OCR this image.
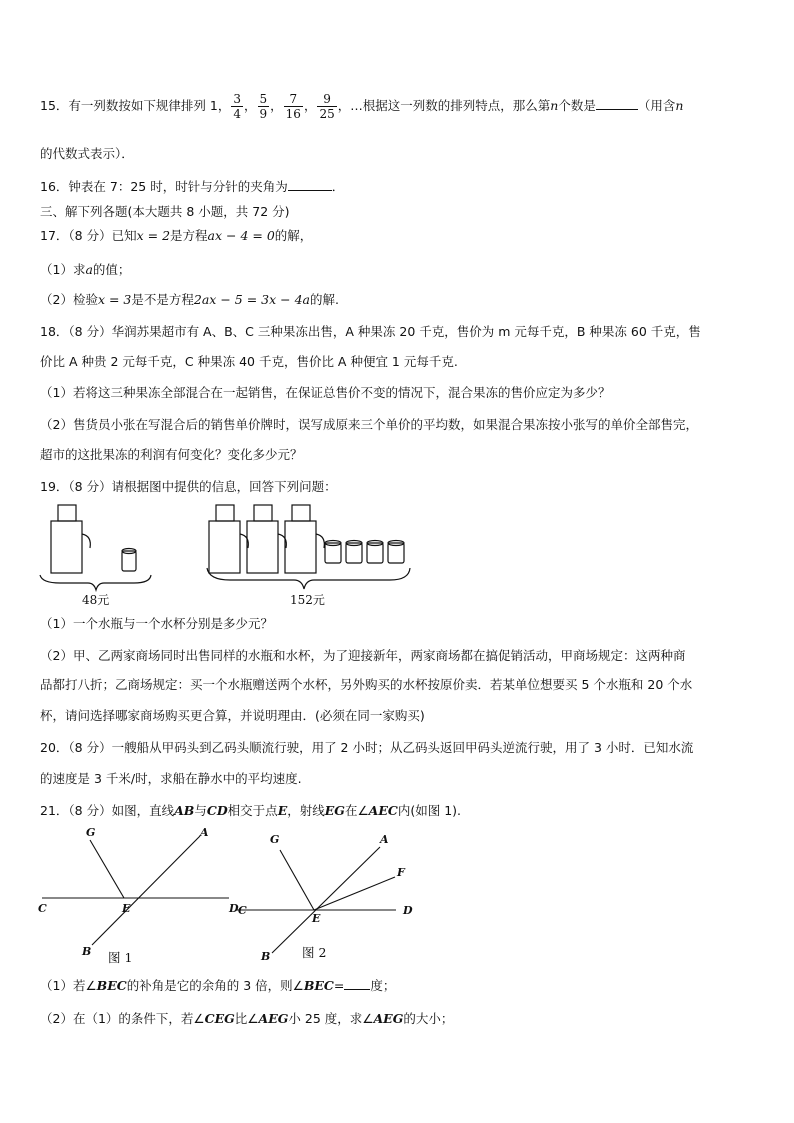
15．有一列数按如下规律排列 1， $\frac{3}{4}$ ， $\frac{5}{9}$ ， $\frac{7}{16}$ ， $\frac{9}{25}$ ，…根据这一列数的排列特点，那么第n个数是	（用含n
的代数式表示）．
16．钟表在 7：25 时，时针与分针的夹角为	．
三、解下列各题(本大题共 8 小题，共 72 分)
17．（8 分）已知x = 2是方程ax − 4 = 0的解，
（1）求a的值；
（2）检验x = 3是不是方程2ax − 5 = 3x − 4a的解.
18．（8 分）华润苏果超市有 A、B、C 三种果冻出售，A 种果冻 20 千克，售价为 m 元每千克，B 种果冻 60 千克，售
价比 A 种贵 2 元每千克，C 种果冻 40 千克，售价比 A 种便宜 1 元每千克.
（1）若将这三种果冻全部混合在一起销售，在保证总售价不变的情况下，混合果冻的售价应定为多少？
（2）售货员小张在写混合后的销售单价牌时，误写成原来三个单价的平均数，如果混合果冻按小张写的单价全部售完，
超市的这批果冻的利润有何变化？变化多少元？
19．（8 分）请根据图中提供的信息，回答下列问题：
48元	152元
（1）一个水瓶与一个水杯分别是多少元？
（2）甲、乙两家商场同时出售同样的水瓶和水杯，为了迎接新年，两家商场都在搞促销活动，甲商场规定：这两种商
品都打八折；乙商场规定：买一个水瓶赠送两个水杯，另外购买的水杯按原价卖．若某单位想要买 5 个水瓶和 20 个水
杯，请问选择哪家商场购买更合算，并说明理由．(必须在同一家购买)
20．（8 分）一艘船从甲码头到乙码头顺流行驶，用了 2 小时；从乙码头返回甲码头逆流行驶，用了 3 小时．已知水流
的速度是 3 千米/时，求船在静水中的平均速度.
21．（8 分）如图，直线AB与CD相交于点E，射线EG在∠AEC内(如图 1).
G	A
C	E	D
B
G	A
F
C
E
D
B
图 1	图 2
（1）若∠BEC的补角是它的余角的 3 倍，则∠BEC= 度；
（2）在（1）的条件下，若∠CEG比∠AEG小 25 度，求∠AEG的大小；
